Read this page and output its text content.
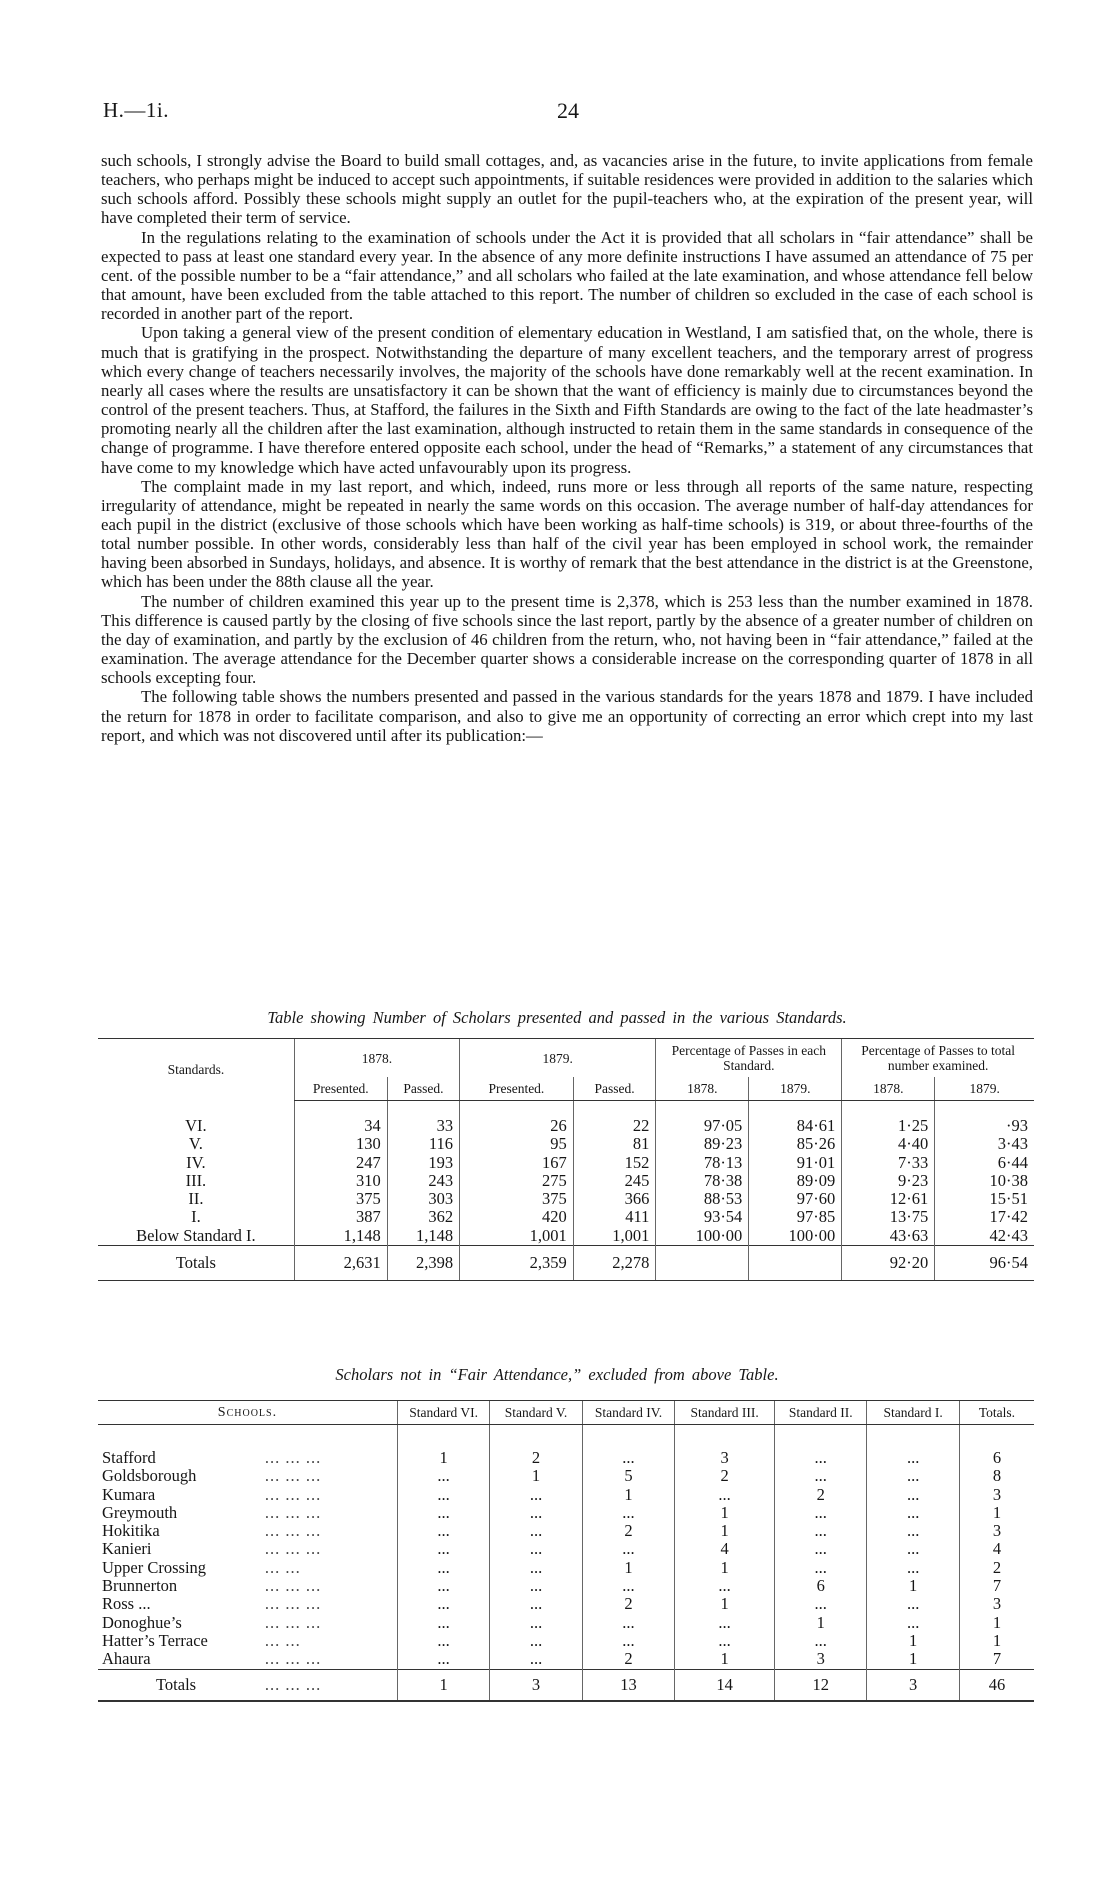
H.—1i.	24

such schools, I strongly advise the Board to build small cottages, and, as vacancies arise in the future, to invite applications from female teachers, who perhaps might be induced to accept such appointments, if suitable residences were provided in addition to the salaries which such schools afford. Possibly these schools might supply an outlet for the pupil-teachers who, at the expiration of the present year, will have completed their term of service.

In the regulations relating to the examination of schools under the Act it is provided that all scholars in “fair attendance” shall be expected to pass at least one standard every year. In the absence of any more definite instructions I have assumed an attendance of 75 per cent. of the possible number to be a “fair attendance,” and all scholars who failed at the late examination, and whose attendance fell below that amount, have been excluded from the table attached to this report. The number of children so excluded in the case of each school is recorded in another part of the report.

Upon taking a general view of the present condition of elementary education in Westland, I am satisfied that, on the whole, there is much that is gratifying in the prospect. Notwithstanding the departure of many excellent teachers, and the temporary arrest of progress which every change of teachers necessarily involves, the majority of the schools have done remarkably well at the recent examination. In nearly all cases where the results are unsatisfactory it can be shown that the want of efficiency is mainly due to circumstances beyond the control of the present teachers. Thus, at Stafford, the failures in the Sixth and Fifth Standards are owing to the fact of the late headmaster’s promoting nearly all the children after the last examination, although instructed to retain them in the same standards in consequence of the change of programme. I have therefore entered opposite each school, under the head of “Remarks,” a statement of any circumstances that have come to my knowledge which have acted unfavourably upon its progress.

The complaint made in my last report, and which, indeed, runs more or less through all reports of the same nature, respecting irregularity of attendance, might be repeated in nearly the same words on this occasion. The average number of half-day attendances for each pupil in the district (exclusive of those schools which have been working as half-time schools) is 319, or about three-fourths of the total number possible. In other words, considerably less than half of the civil year has been employed in school work, the remainder having been absorbed in Sundays, holidays, and absence. It is worthy of remark that the best attendance in the district is at the Greenstone, which has been under the 88th clause all the year.

The number of children examined this year up to the present time is 2,378, which is 253 less than the number examined in 1878. This difference is caused partly by the closing of five schools since the last report, partly by the absence of a greater number of children on the day of examination, and partly by the exclusion of 46 children from the return, who, not having been in “fair attendance,” failed at the examination. The average attendance for the December quarter shows a considerable increase on the corresponding quarter of 1878 in all schools excepting four.

The following table shows the numbers presented and passed in the various standards for the years 1878 and 1879. I have included the return for 1878 in order to facilitate comparison, and also to give me an opportunity of correcting an error which crept into my last report, and which was not discovered until after its publication:—

Table showing Number of Scholars presented and passed in the various Standards.
Standards.	1878.		1879.		Percentage of Passes in each Standard.		Percentage of Passes to total number examined.	
	Presented.	Passed.	Presented.	Passed.	1878.	1879.	1878.	1879.
VI.	34	33	26	22	97·05	84·61	1·25	·93
V.	130	116	95	81	89·23	85·26	4·40	3·43
IV.	247	193	167	152	78·13	91·01	7·33	6·44
III.	310	243	275	245	78·38	89·09	9·23	10·38
II.	375	303	375	366	88·53	97·60	12·61	15·51
I.	387	362	420	411	93·54	97·85	13·75	17·42
Below Standard I.	1,148	1,148	1,001	1,001	100·00	100·00	43·63	42·43
Totals	2,631	2,398	2,359	2,278			92·20	96·54
Scholars not in “Fair Attendance,” excluded from above Table.
Schools.		Standard VI.	Standard V.	Standard IV.	Standard III.	Standard II.	Standard I.	Totals.
Stafford	... ... ...	1	2	...	3	...	...	6
Goldsborough	... ... ...	...	1	5	2	...	...	8
Kumara	... ... ...	...	...	1	...	2	...	3
Greymouth	... ... ...	...	...	...	1	...	...	1
Hokitika	... ... ...	...	...	2	1	...	...	3
Kanieri	... ... ...	...	...	...	4	...	...	4
Upper Crossing	... ...	...	...	1	1	...	...	2
Brunnerton	... ... ...	...	...	...	...	6	1	7
Ross ...	... ... ...	...	...	2	1	...	...	3
Donoghue’s	... ... ...	...	...	...	...	1	...	1
Hatter’s Terrace	... ...	...	...	...	...	...	1	1
Ahaura	... ... ...	...	...	2	1	3	1	7
Totals	... ... ...	1	3	13	14	12	3	46
